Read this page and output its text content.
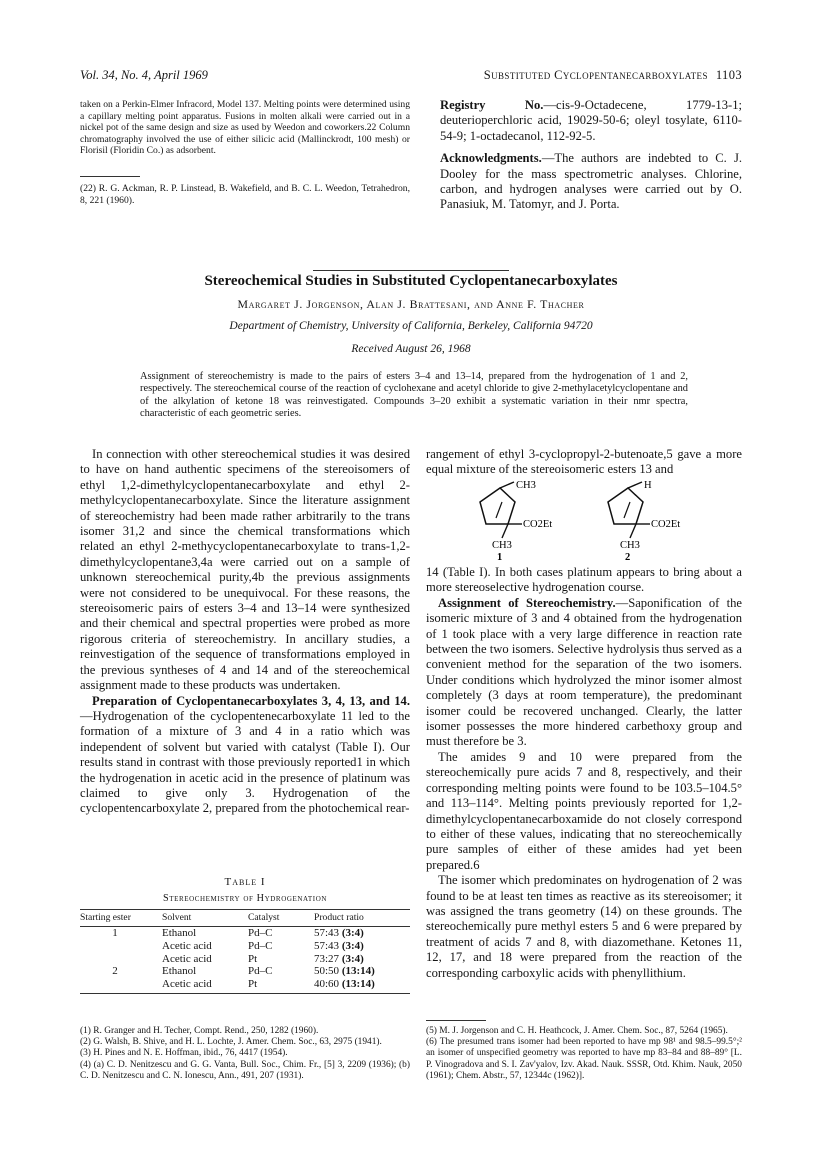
Vol. 34, No. 4, April 1969	Substituted Cyclopentanecarboxylates 1103
taken on a Perkin-Elmer Infracord, Model 137. Melting points were determined using a capillary melting point apparatus. Fusions in molten alkali were carried out in a nickel pot of the same design and size as used by Weedon and coworkers.22 Column chromatography involved the use of either silicic acid (Mallinckrodt, 100 mesh) or Florisil (Floridin Co.) as adsorbent.
(22) R. G. Ackman, R. P. Linstead, B. Wakefield, and B. C. L. Weedon, Tetrahedron, 8, 221 (1960).
Registry No.—cis-9-Octadecene, 1779-13-1; deuterioperchloric acid, 19029-50-6; oleyl tosylate, 6110-54-9; 1-octadecanol, 112-92-5.
Acknowledgments.—The authors are indebted to C. J. Dooley for the mass spectrometric analyses. Chlorine, carbon, and hydrogen analyses were carried out by O. Panasiuk, M. Tatomyr, and J. Porta.
Stereochemical Studies in Substituted Cyclopentanecarboxylates
Margaret J. Jorgenson, Alan J. Brattesani, and Anne F. Thacher
Department of Chemistry, University of California, Berkeley, California 94720
Received August 26, 1968
Assignment of stereochemistry is made to the pairs of esters 3–4 and 13–14, prepared from the hydrogenation of 1 and 2, respectively. The stereochemical course of the reaction of cyclohexane and acetyl chloride to give 2-methylacetylcyclopentane and of the alkylation of ketone 18 was reinvestigated. Compounds 3–20 exhibit a systematic variation in their nmr spectra, characteristic of each geometric series.
In connection with other stereochemical studies it was desired to have on hand authentic specimens of the stereoisomers of ethyl 1,2-dimethylcyclopentanecarboxylate and ethyl 2-methylcyclopentanecarboxylate. Since the literature assignment of stereochemistry had been made rather arbitrarily to the trans isomer 31,2 and since the chemical transformations which related an ethyl 2-methycyclopentanecarboxylate to trans-1,2-dimethylcyclopentane3,4a were carried out on a sample of unknown stereochemical purity,4b the previous assignments were not considered to be unequivocal. For these reasons, the stereoisomeric pairs of esters 3–4 and 13–14 were synthesized and their chemical and spectral properties were probed as more rigorous criteria of stereochemistry. In ancillary studies, a reinvestigation of the sequence of transformations employed in the previous syntheses of 4 and 14 and of the stereochemical assignment made to these products was undertaken.
Preparation of Cyclopentanecarboxylates 3, 4, 13, and 14.—Hydrogenation of the cyclopentenecarboxylate 11 led to the formation of a mixture of 3 and 4 in a ratio which was independent of solvent but varied with catalyst (Table I). Our results stand in contrast with those previously reported1 in which the hydrogenation in acetic acid in the presence of platinum was claimed to give only 3. Hydrogenation of the cyclopentencarboxylate 2, prepared from the photochemical rear-
Table I
Stereochemistry of Hydrogenation
Starting ester	Solvent	Catalyst	Product ratio
1	Ethanol	Pd–C	57:43 (3:4)
	Acetic acid	Pd–C	57:43 (3:4)
	Acetic acid	Pt	73:27 (3:4)
2	Ethanol	Pd–C	50:50 (13:14)
	Acetic acid	Pt	40:60 (13:14)
(1) R. Granger and H. Techer, Compt. Rend., 250, 1282 (1960).
(2) G. Walsh, B. Shive, and H. L. Lochte, J. Amer. Chem. Soc., 63, 2975 (1941).
(3) H. Pines and N. E. Hoffman, ibid., 76, 4417 (1954).
(4) (a) C. D. Nenitzescu and G. G. Vanta, Bull. Soc., Chim. Fr., [5] 3, 2209 (1936); (b) C. D. Nenitzescu and C. N. Ionescu, Ann., 491, 207 (1931).
rangement of ethyl 3-cyclopropyl-2-butenoate,5 gave a more equal mixture of the stereoisomeric esters 13 and
CH3
CO2Et
CH3
1
H
CO2Et
CH3
2
14 (Table I). In both cases platinum appears to bring about a more stereoselective hydrogenation course.
Assignment of Stereochemistry.—Saponification of the isomeric mixture of 3 and 4 obtained from the hydrogenation of 1 took place with a very large difference in reaction rate between the two isomers. Selective hydrolysis thus served as a convenient method for the separation of the two isomers. Under conditions which hydrolyzed the minor isomer almost completely (3 days at room temperature), the predominant isomer could be recovered unchanged. Clearly, the latter isomer possesses the more hindered carbethoxy group and must therefore be 3.
The amides 9 and 10 were prepared from the stereochemically pure acids 7 and 8, respectively, and their corresponding melting points were found to be 103.5–104.5° and 113–114°. Melting points previously reported for 1,2-dimethylcyclopentanecarboxamide do not closely correspond to either of these values, indicating that no stereochemically pure samples of either of these amides had yet been prepared.6
The isomer which predominates on hydrogenation of 2 was found to be at least ten times as reactive as its stereoisomer; it was assigned the trans geometry (14) on these grounds. The stereochemically pure methyl esters 5 and 6 were prepared by treatment of acids 7 and 8, with diazomethane. Ketones 11, 12, 17, and 18 were prepared from the reaction of the corresponding carboxylic acids with phenyllithium.
(5) M. J. Jorgenson and C. H. Heathcock, J. Amer. Chem. Soc., 87, 5264 (1965).
(6) The presumed trans isomer had been reported to have mp 98¹ and 98.5–99.5°;² an isomer of unspecified geometry was reported to have mp 83–84 and 88–89° [L. P. Vinogradova and S. I. Zav'yalov, Izv. Akad. Nauk. SSSR, Otd. Khim. Nauk, 2050 (1961); Chem. Abstr., 57, 12344c (1962)].
